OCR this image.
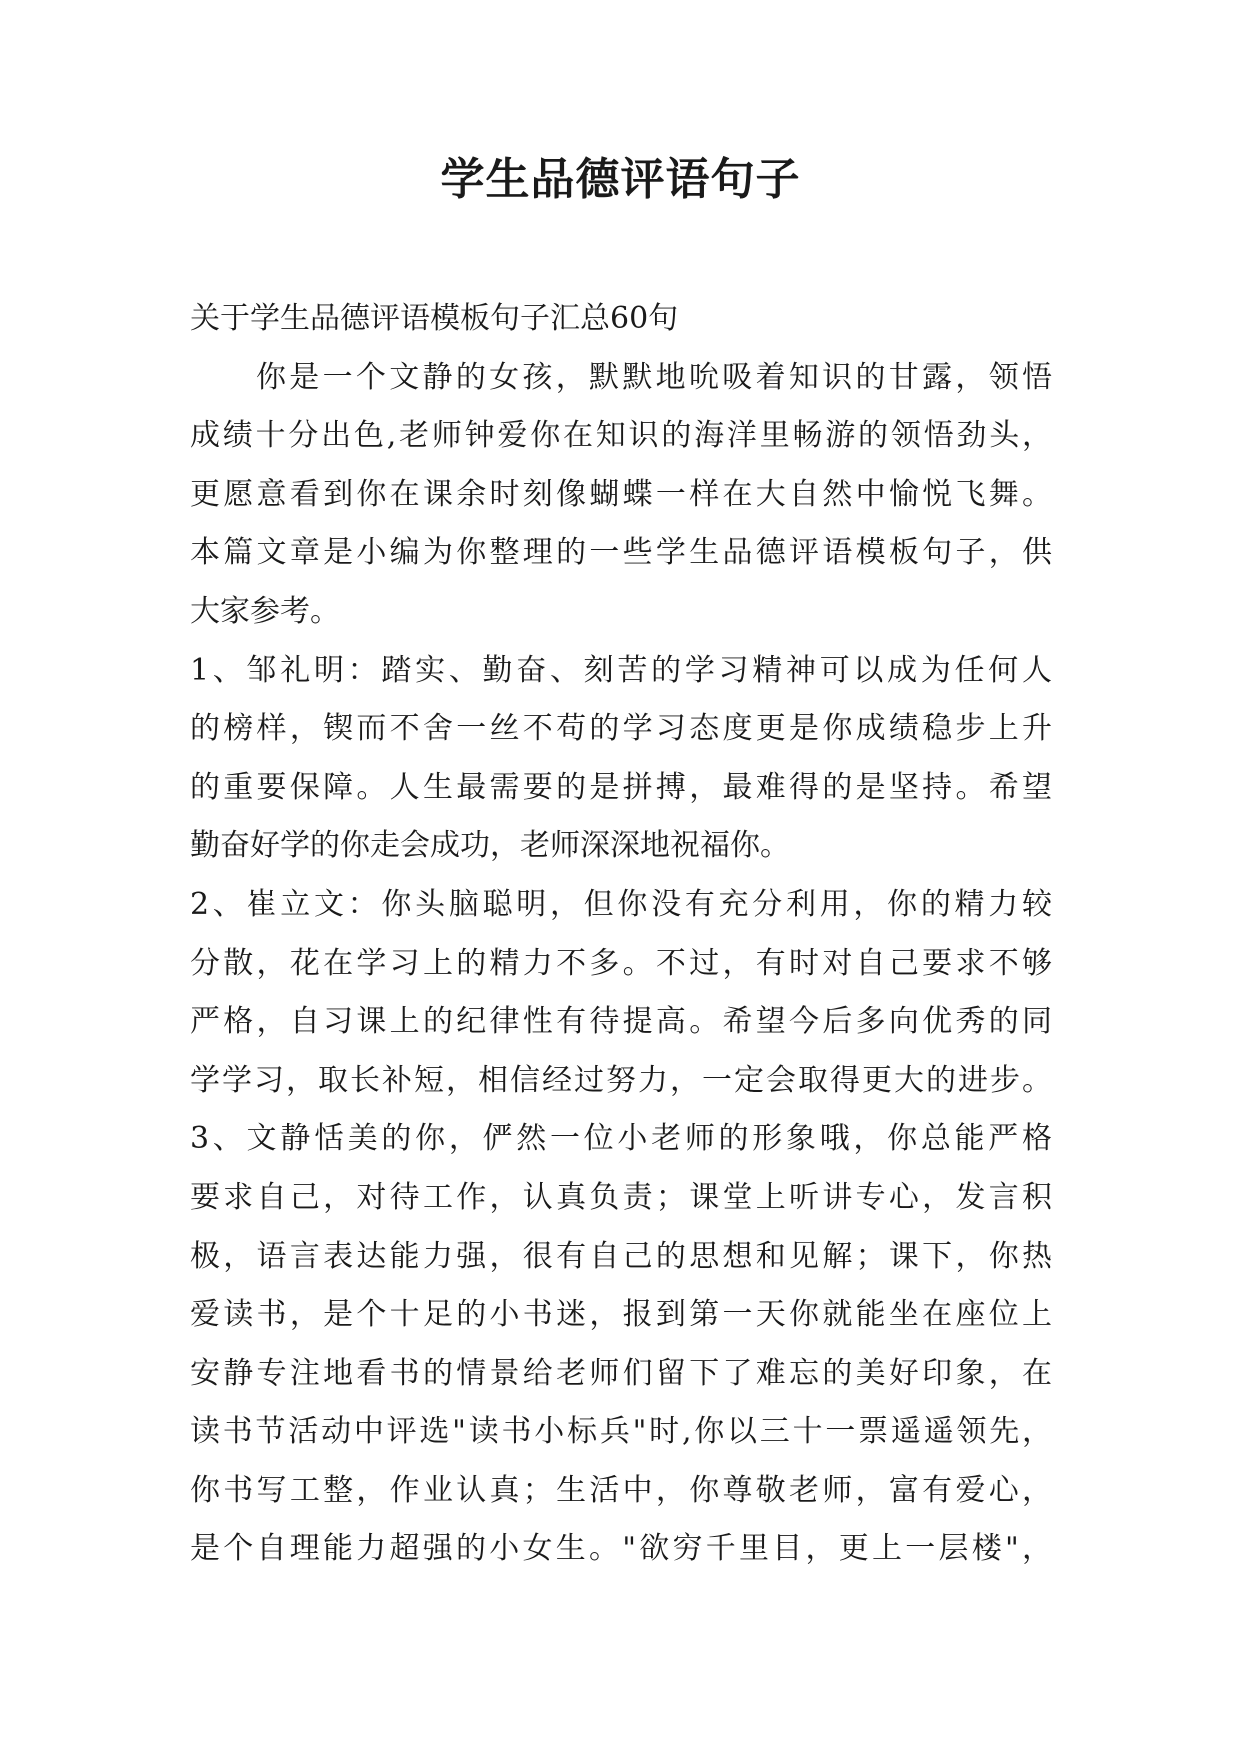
学生品德评语句子
关于学生品德评语模板句子汇总60句
你是一个文静的女孩，默默地吮吸着知识的甘露，领悟
成绩十分出色,老师钟爱你在知识的海洋里畅游的领悟劲头，
更愿意看到你在课余时刻像蝴蝶一样在大自然中愉悦飞舞。
本篇文章是小编为你整理的一些学生品德评语模板句子，供
大家参考。
1、邹礼明：踏实、勤奋、刻苦的学习精神可以成为任何人
的榜样，锲而不舍一丝不苟的学习态度更是你成绩稳步上升
的重要保障。人生最需要的是拼搏，最难得的是坚持。希望
勤奋好学的你走会成功，老师深深地祝福你。
2、崔立文：你头脑聪明，但你没有充分利用，你的精力较
分散，花在学习上的精力不多。不过，有时对自己要求不够
严格，自习课上的纪律性有待提高。希望今后多向优秀的同
学学习，取长补短，相信经过努力，一定会取得更大的进步。
3、文静恬美的你，俨然一位小老师的形象哦，你总能严格
要求自己，对待工作，认真负责；课堂上听讲专心，发言积
极，语言表达能力强，很有自己的思想和见解；课下，你热
爱读书，是个十足的小书迷，报到第一天你就能坐在座位上
安静专注地看书的情景给老师们留下了难忘的美好印象，在
读书节活动中评选"读书小标兵"时,你以三十一票遥遥领先，
你书写工整，作业认真；生活中，你尊敬老师，富有爱心，
是个自理能力超强的小女生。"欲穷千里目，更上一层楼"，
